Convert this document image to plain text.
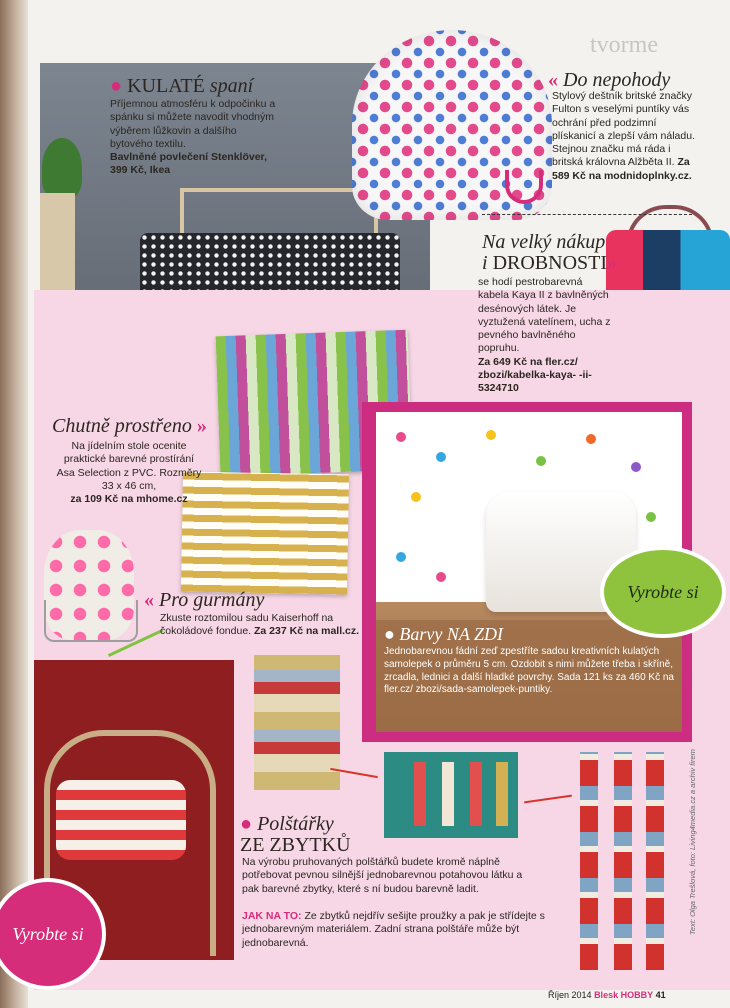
tvorme
● Barvy NA ZDI
Jednobarevnou fádní zeď zpestříte sadou kreativních kulatých samolepek o průměru 5 cm. Ozdobit s nimi můžete třeba i skříně, zrcadla, lednici a další hladké povrchy. Sada 121 ks za 460 Kč na fler.cz/ zbozi/sada-samolepek-puntiky.
Vyrobte si
Vyrobte si
● KULATÉ spaní
Příjemnou atmosféru k odpočinku a spánku si můžete navodit vhodným výběrem lůžkovin a dalšího bytového textilu.
Bavlněné povlečení Stenklöver, 399 Kč, Ikea
« Do nepohody
Stylový deštník britské značky Fulton s veselými puntíky vás ochrání před podzimní plískanicí a zlepší vám náladu. Stejnou značku má ráda i britská královna Alžběta II. Za 589 Kč na modnidoplnky.cz.
Na velký nákup
i DROBNOSTI»
se hodí pestrobarevná kabela Kaya II z bavlněných desénových látek. Je vyztužená vatelínem, ucha z pevného bavlněného popruhu.
Za 649 Kč na fler.cz/ zbozi/kabelka-kaya- -ii-5324710
Chutně prostřeno »
Na jídelním stole ocenite praktické barevné prostírání Asa Selection z PVC. Rozměry 33 x 46 cm,
za 109 Kč na mhome.cz
« Pro gurmány
Zkuste roztomilou sadu Kaiserhoff na čokoládové fondue. Za 237 Kč na mall.cz.
● Polštářky
ZE ZBYTKŮ
Na výrobu pruhovaných polštářků budete kromě náplně potřebovat pevnou silnější jednobarevnou potahovou látku a pak barevné zbytky, které s ní budou barevně ladit.
JAK NA TO: Ze zbytků nejdřív sešijte proužky a pak je střídejte s jednobarevným materiálem. Zadní strana polštáře může být jednobarevná.
Text: Olga Trešlová, foto: Living4media.cz a archiv firem
Říjen 2014 Blesk HOBBY 41
